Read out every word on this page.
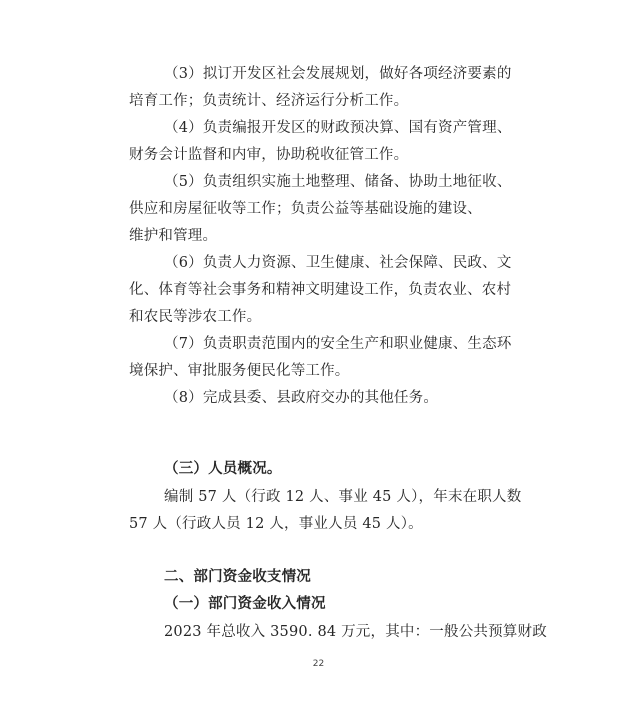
（3）拟订开发区社会发展规划，做好各项经济要素的
培育工作；负责统计、经济运行分析工作。
（4）负责编报开发区的财政预决算、国有资产管理、
财务会计监督和内审，协助税收征管工作。
（5）负责组织实施土地整理、储备、协助土地征收、
供应和房屋征收等工作；负责公益等基础设施的建设、
维护和管理。
（6）负责人力资源、卫生健康、社会保障、民政、文
化、体育等社会事务和精神文明建设工作，负责农业、农村
和农民等涉农工作。
（7）负责职责范围内的安全生产和职业健康、生态环
境保护、审批服务便民化等工作。
（8）完成县委、县政府交办的其他任务。
（三）人员概况。
编制 57 人（行政 12 人、事业 45 人），年末在职人数
57 人（行政人员 12 人，事业人员 45 人）。
二、部门资金收支情况
（一）部门资金收入情况
2023 年总收入 3590. 84 万元，其中：一般公共预算财政
22
